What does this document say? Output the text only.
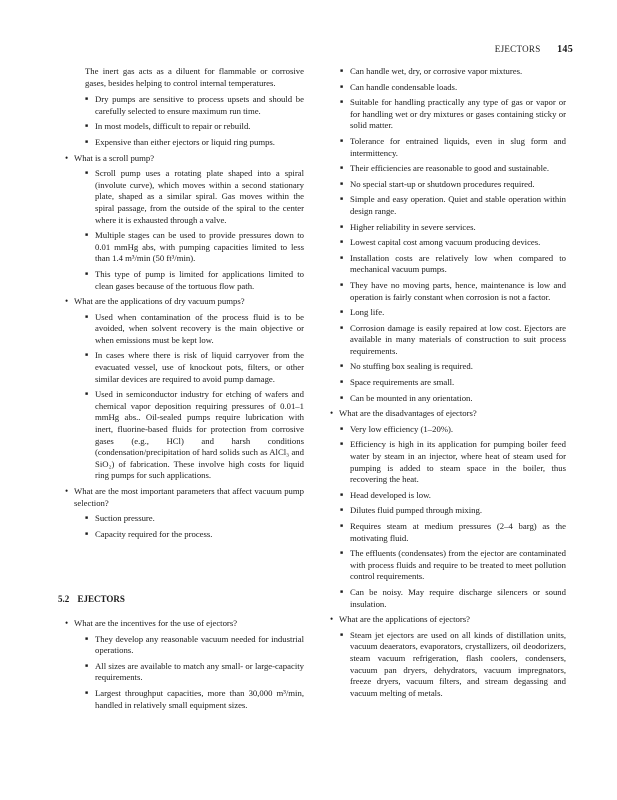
EJECTORS 145

The inert gas acts as a diluent for flammable or corrosive gases, besides helping to control internal temperatures.

■ Dry pumps are sensitive to process upsets and should be carefully selected to ensure maximum run time.

■ In most models, difficult to repair or rebuild.

■ Expensive than either ejectors or liquid ring pumps.

• What is a scroll pump?

■ Scroll pump uses a rotating plate shaped into a spiral (involute curve), which moves within a second stationary plate, shaped as a similar spiral. Gas moves within the spiral passage, from the outside of the spiral to the center where it is exhausted through a valve.

■ Multiple stages can be used to provide pressures down to 0.01 mmHg abs, with pumping capacities limited to less than 1.4 m³/min (50 ft³/min).

■ This type of pump is limited for applications limited to clean gases because of the tortuous flow path.

• What are the applications of dry vacuum pumps?

■ Used when contamination of the process fluid is to be avoided, when solvent recovery is the main objective or when emissions must be kept low.

■ In cases where there is risk of liquid carryover from the evacuated vessel, use of knockout pots, filters, or other similar devices are required to avoid pump damage.

■ Used in semiconductor industry for etching of wafers and chemical vapor deposition requiring pressures of 0.01–1 mmHg abs.. Oil-sealed pumps require lubrication with inert, fluorine-based fluids for protection from corrosive gases (e.g., HCl) and harsh conditions (condensation/precipitation of hard solids such as AlCl₃ and SiO₂) of fabrication. These involve high costs for liquid ring pumps for such applications.

• What are the most important parameters that affect vacuum pump selection?

■ Suction pressure.

■ Capacity required for the process.

5.2 EJECTORS

• What are the incentives for the use of ejectors?

■ They develop any reasonable vacuum needed for industrial operations.

■ All sizes are available to match any small- or large-capacity requirements.

■ Largest throughput capacities, more than 30,000 m³/min, handled in relatively small equipment sizes.

■ Can handle wet, dry, or corrosive vapor mixtures.

■ Can handle condensable loads.

■ Suitable for handling practically any type of gas or vapor or for handling wet or dry mixtures or gases containing sticky or solid matter.

■ Tolerance for entrained liquids, even in slug form and intermittency.

■ Their efficiencies are reasonable to good and sustainable.

■ No special start-up or shutdown procedures required.

■ Simple and easy operation. Quiet and stable operation within design range.

■ Higher reliability in severe services.

■ Lowest capital cost among vacuum producing devices.

■ Installation costs are relatively low when compared to mechanical vacuum pumps.

■ They have no moving parts, hence, maintenance is low and operation is fairly constant when corrosion is not a factor.

■ Long life.

■ Corrosion damage is easily repaired at low cost. Ejectors are available in many materials of construction to suit process requirements.

■ No stuffing box sealing is required.

■ Space requirements are small.

■ Can be mounted in any orientation.

• What are the disadvantages of ejectors?

■ Very low efficiency (1–20%).

■ Efficiency is high in its application for pumping boiler feed water by steam in an injector, where heat of steam used for pumping is added to steam space in the boiler, thus recovering the heat.

■ Head developed is low.

■ Dilutes fluid pumped through mixing.

■ Requires steam at medium pressures (2–4 barg) as the motivating fluid.

■ The effluents (condensates) from the ejector are contaminated with process fluids and require to be treated to meet pollution control requirements.

■ Can be noisy. May require discharge silencers or sound insulation.

• What are the applications of ejectors?

■ Steam jet ejectors are used on all kinds of distillation units, vacuum deaerators, evaporators, crystallizers, oil deodorizers, steam vacuum refrigeration, flash coolers, condensers, vacuum pan dryers, dehydrators, vacuum impregnators, freeze dryers, vacuum filters, and stream degassing and vacuum melting of metals.
